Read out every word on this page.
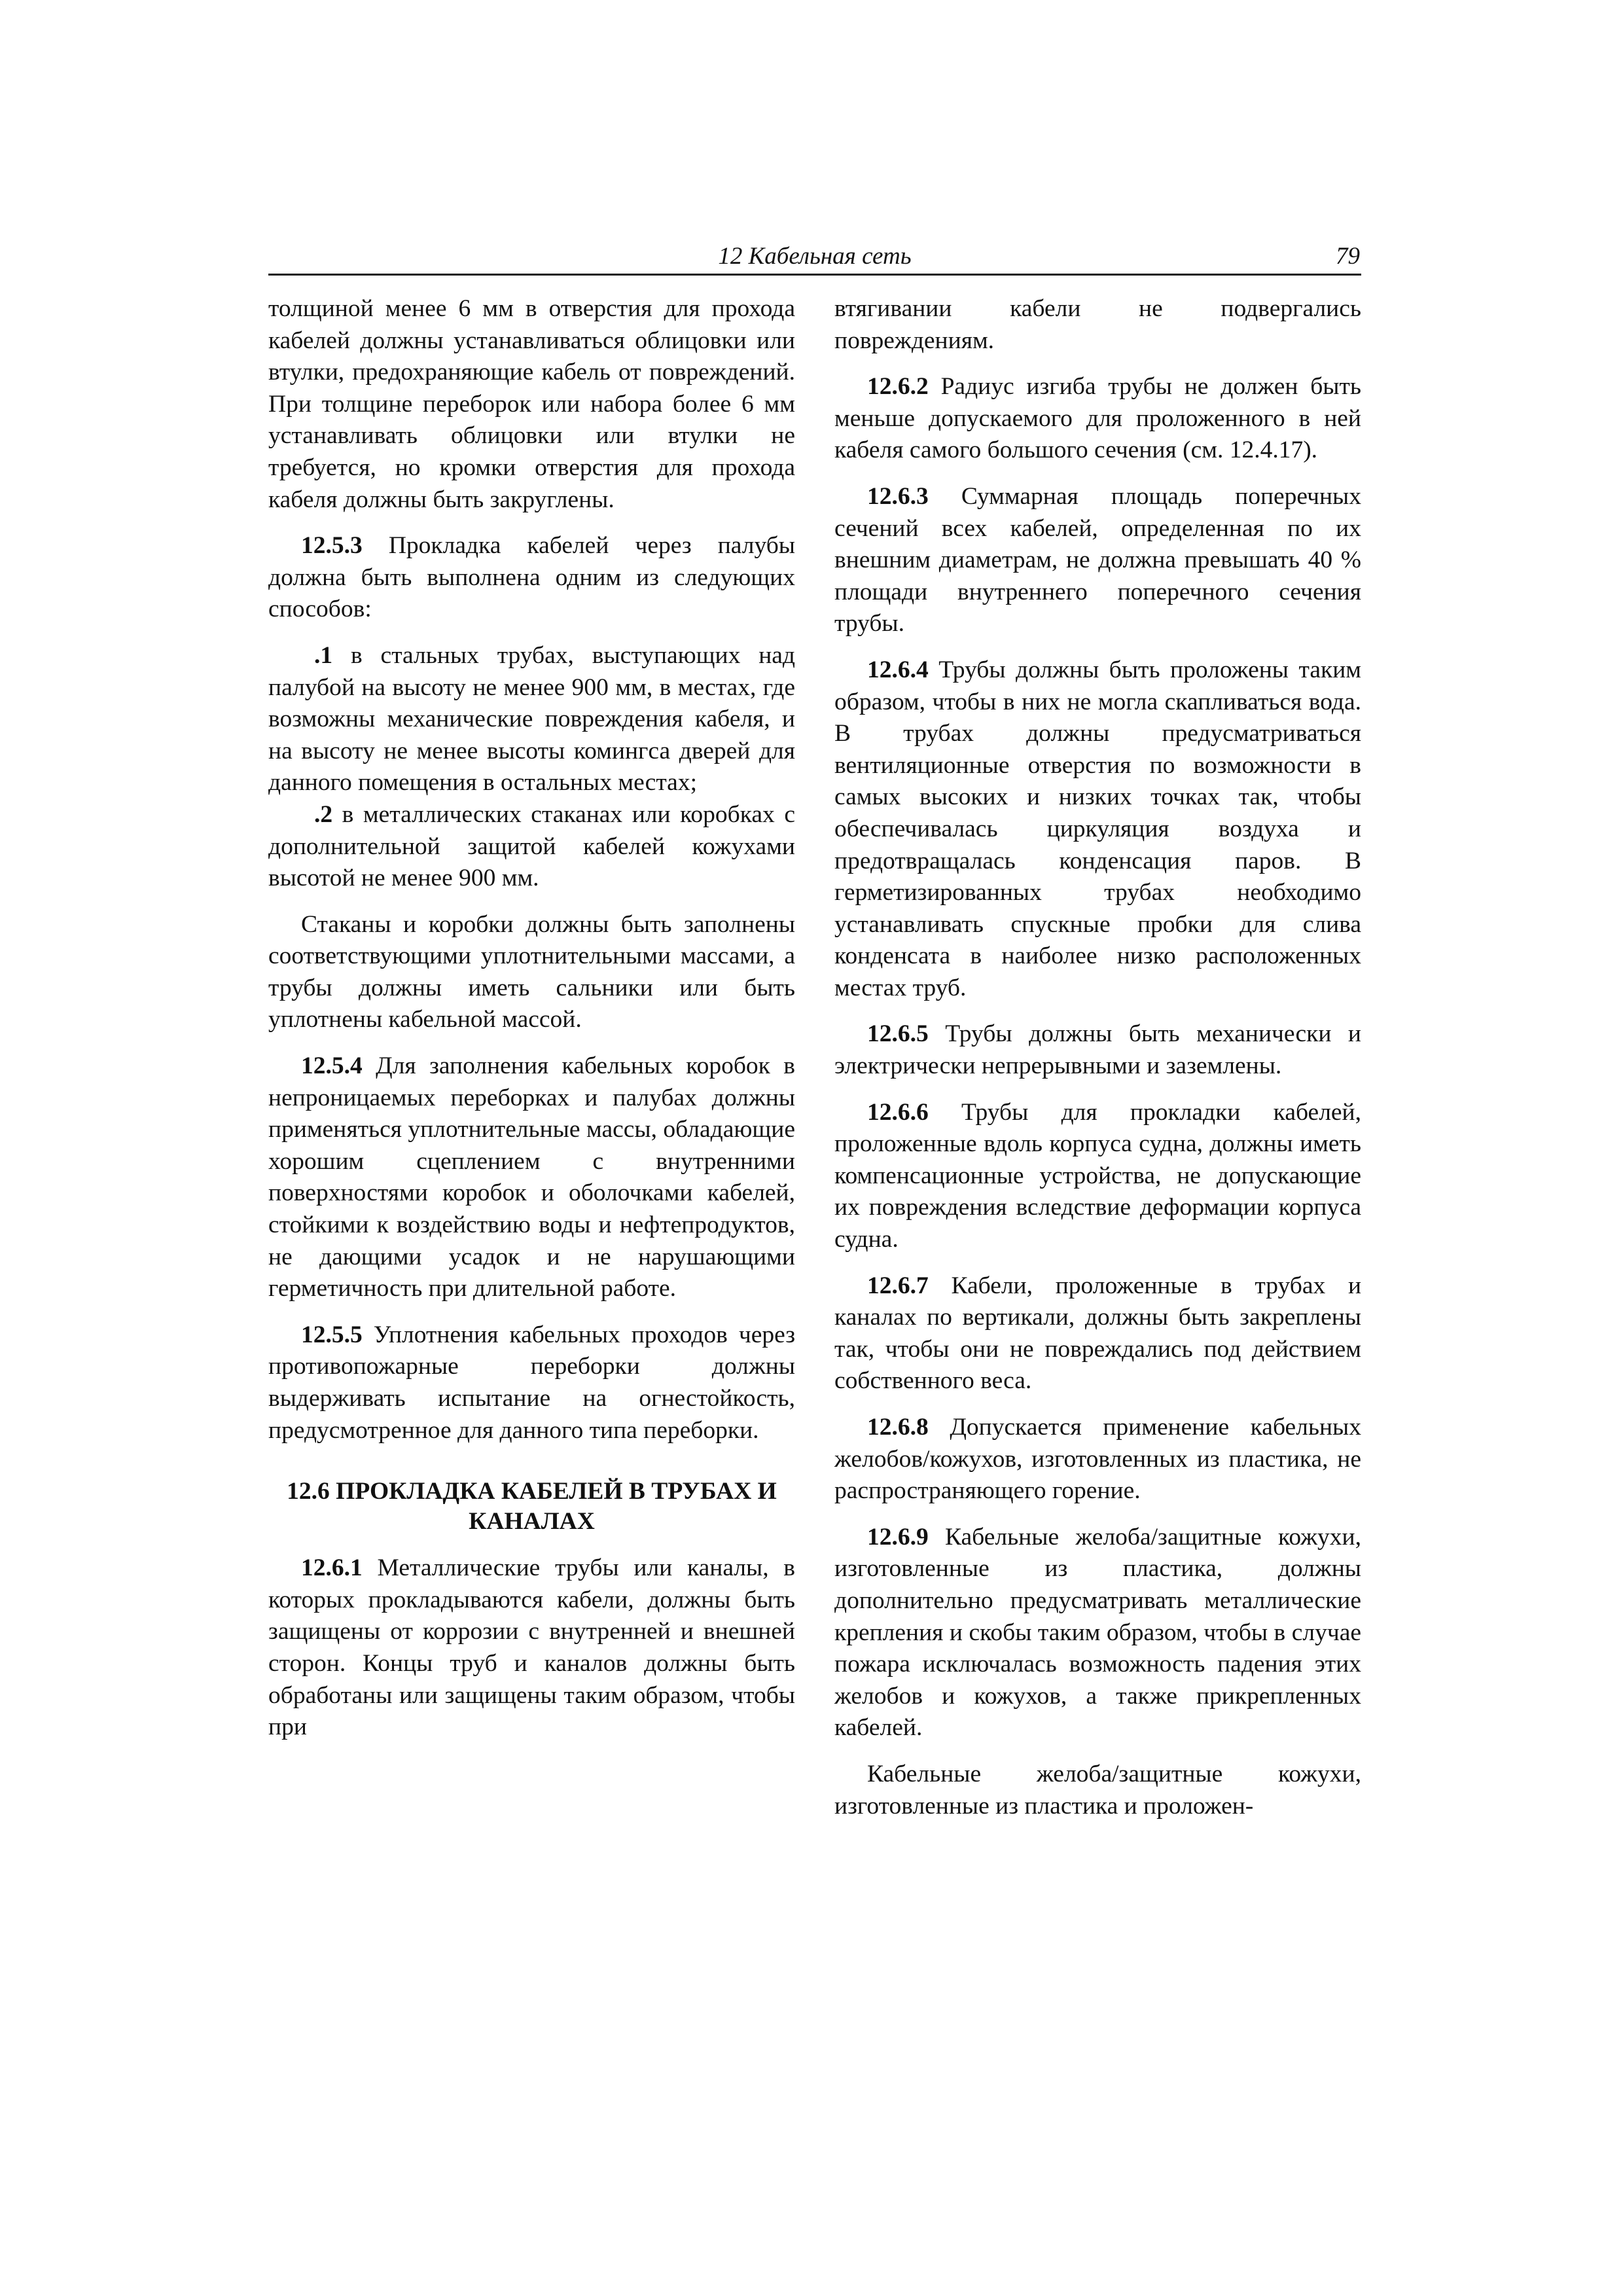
12 Кабельная сеть	79

толщиной менее 6 мм в отверстия для прохода кабелей должны устанавливаться облицовки или втулки, предохраняющие кабель от повреждений. При толщине переборок или набора более 6 мм устанавливать облицовки или втулки не требуется, но кромки отверстия для прохода кабеля должны быть закруглены.

12.5.3 Прокладка кабелей через палубы должна быть выполнена одним из следующих способов:

.1 в стальных трубах, выступающих над палубой на высоту не менее 900 мм, в местах, где возможны механические повреждения кабеля, и на высоту не менее высоты комингса дверей для данного помещения в остальных местах;

.2 в металлических стаканах или коробках с дополнительной защитой кабелей кожухами высотой не менее 900 мм.

Стаканы и коробки должны быть заполнены соответствующими уплотнительными массами, а трубы должны иметь сальники или быть уплотнены кабельной массой.

12.5.4 Для заполнения кабельных коробок в непроницаемых переборках и палубах должны применяться уплотнительные массы, обладающие хорошим сцеплением с внутренними поверхностями коробок и оболочками кабелей, стойкими к воздействию воды и нефтепродуктов, не дающими усадок и не нарушающими герметичность при длительной работе.

12.5.5 Уплотнения кабельных проходов через противопожарные переборки должны выдерживать испытание на огнестойкость, предусмотренное для данного типа переборки.

12.6 ПРОКЛАДКА КАБЕЛЕЙ В ТРУБАХ И КАНАЛАХ

12.6.1 Металлические трубы или каналы, в которых прокладываются кабели, должны быть защищены от коррозии с внутренней и внешней сторон. Концы труб и каналов должны быть обработаны или защищены таким образом, чтобы при

втягивании кабели не подвергались повреждениям.

12.6.2 Радиус изгиба трубы не должен быть меньше допускаемого для проложенного в ней кабеля самого большого сечения (см. 12.4.17).

12.6.3 Суммарная площадь поперечных сечений всех кабелей, определенная по их внешним диаметрам, не должна превышать 40 % площади внутреннего поперечного сечения трубы.

12.6.4 Трубы должны быть проложены таким образом, чтобы в них не могла скапливаться вода. В трубах должны предусматриваться вентиляционные отверстия по возможности в самых высоких и низких точках так, чтобы обеспечивалась циркуляция воздуха и предотвращалась конденсация паров. В герметизированных трубах необходимо устанавливать спускные пробки для слива конденсата в наиболее низко расположенных местах труб.

12.6.5 Трубы должны быть механически и электрически непрерывными и заземлены.

12.6.6 Трубы для прокладки кабелей, проложенные вдоль корпуса судна, должны иметь компенсационные устройства, не допускающие их повреждения вследствие деформации корпуса судна.

12.6.7 Кабели, проложенные в трубах и каналах по вертикали, должны быть закреплены так, чтобы они не повреждались под действием собственного веса.

12.6.8 Допускается применение кабельных желобов/кожухов, изготовленных из пластика, не распространяющего горение.

12.6.9 Кабельные желоба/защитные кожухи, изготовленные из пластика, должны дополнительно предусматривать металлические крепления и скобы таким образом, чтобы в случае пожара исключалась возможность падения этих желобов и кожухов, а также прикрепленных кабелей.

Кабельные желоба/защитные кожухи, изготовленные из пластика и проложен-
